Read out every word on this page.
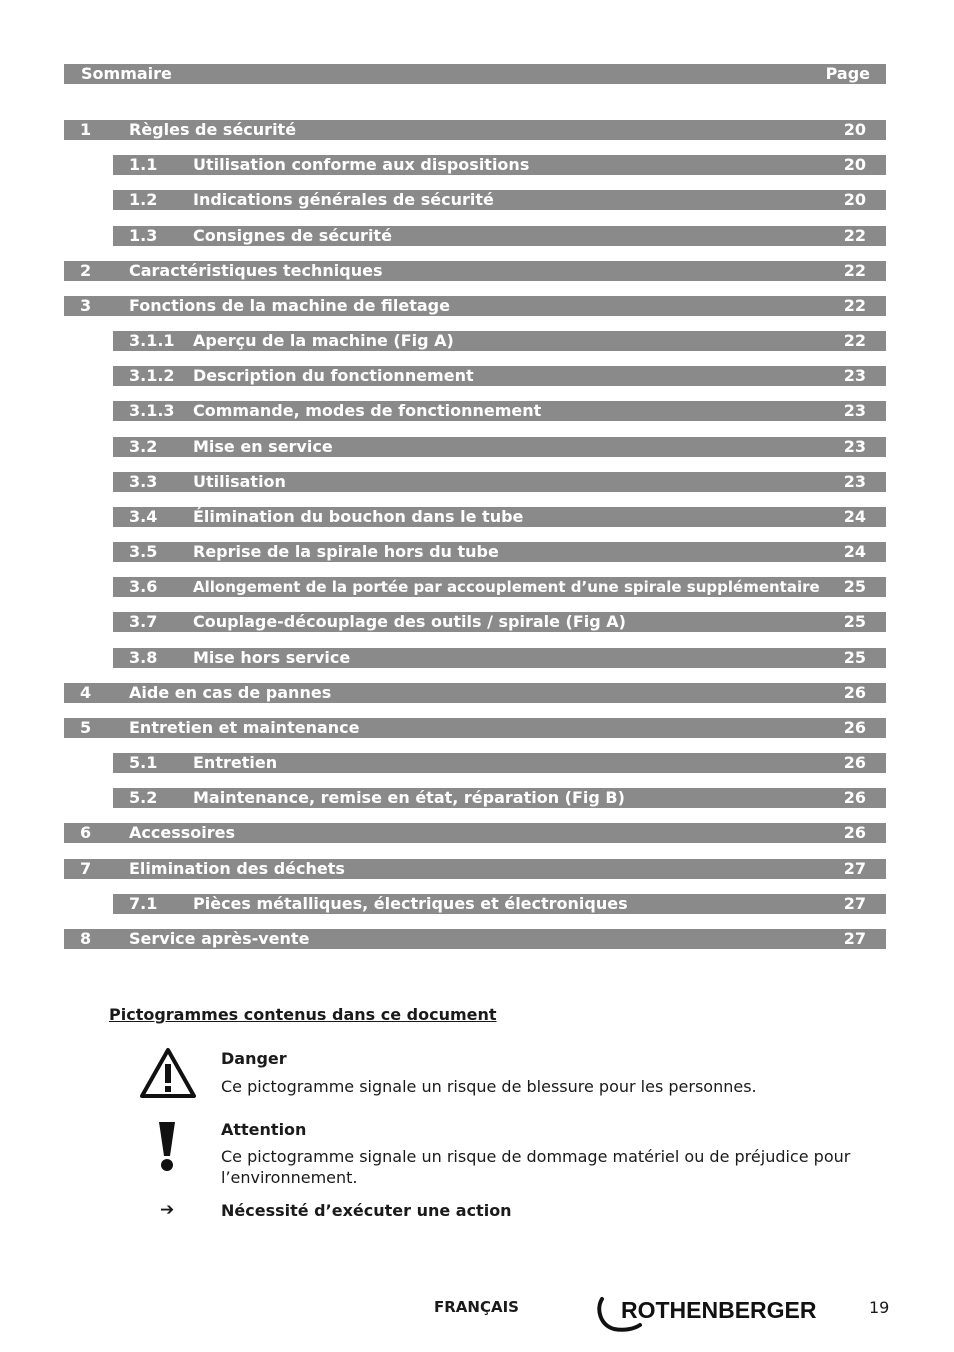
Sommaire	Page
1 Règles de sécurité	20
1.1 Utilisation conforme aux dispositions	20
1.2 Indications générales de sécurité	20
1.3 Consignes de sécurité	22
2 Caractéristiques techniques	22
3 Fonctions de la machine de filetage	22
3.1.1 Aperçu de la machine (Fig A)	22
3.1.2 Description du fonctionnement	23
3.1.3 Commande, modes de fonctionnement	23
3.2 Mise en service	23
3.3 Utilisation	23
3.4 Élimination du bouchon dans le tube	24
3.5 Reprise de la spirale hors du tube	24
3.6 Allongement de la portée par accouplement d’une spirale supplémentaire 25
3.7 Couplage-découplage des outils / spirale (Fig A)	25
3.8 Mise hors service	25
4 Aide en cas de pannes	26
5 Entretien et maintenance	26
5.1 Entretien	26
5.2 Maintenance, remise en état, réparation (Fig B)	26
6 Accessoires	26
7 Elimination des déchets	27
7.1 Pièces métalliques, électriques et électroniques	27
8 Service après-vente	27
Pictogrammes contenus dans ce document
Danger
Ce pictogramme signale un risque de blessure pour les personnes.
Attention
Ce pictogramme signale un risque de dommage matériel ou de préjudice pour l’environnement.
➔	Nécessité d’exécuter une action
FRANÇAIS	ROTHENBERGER	19
